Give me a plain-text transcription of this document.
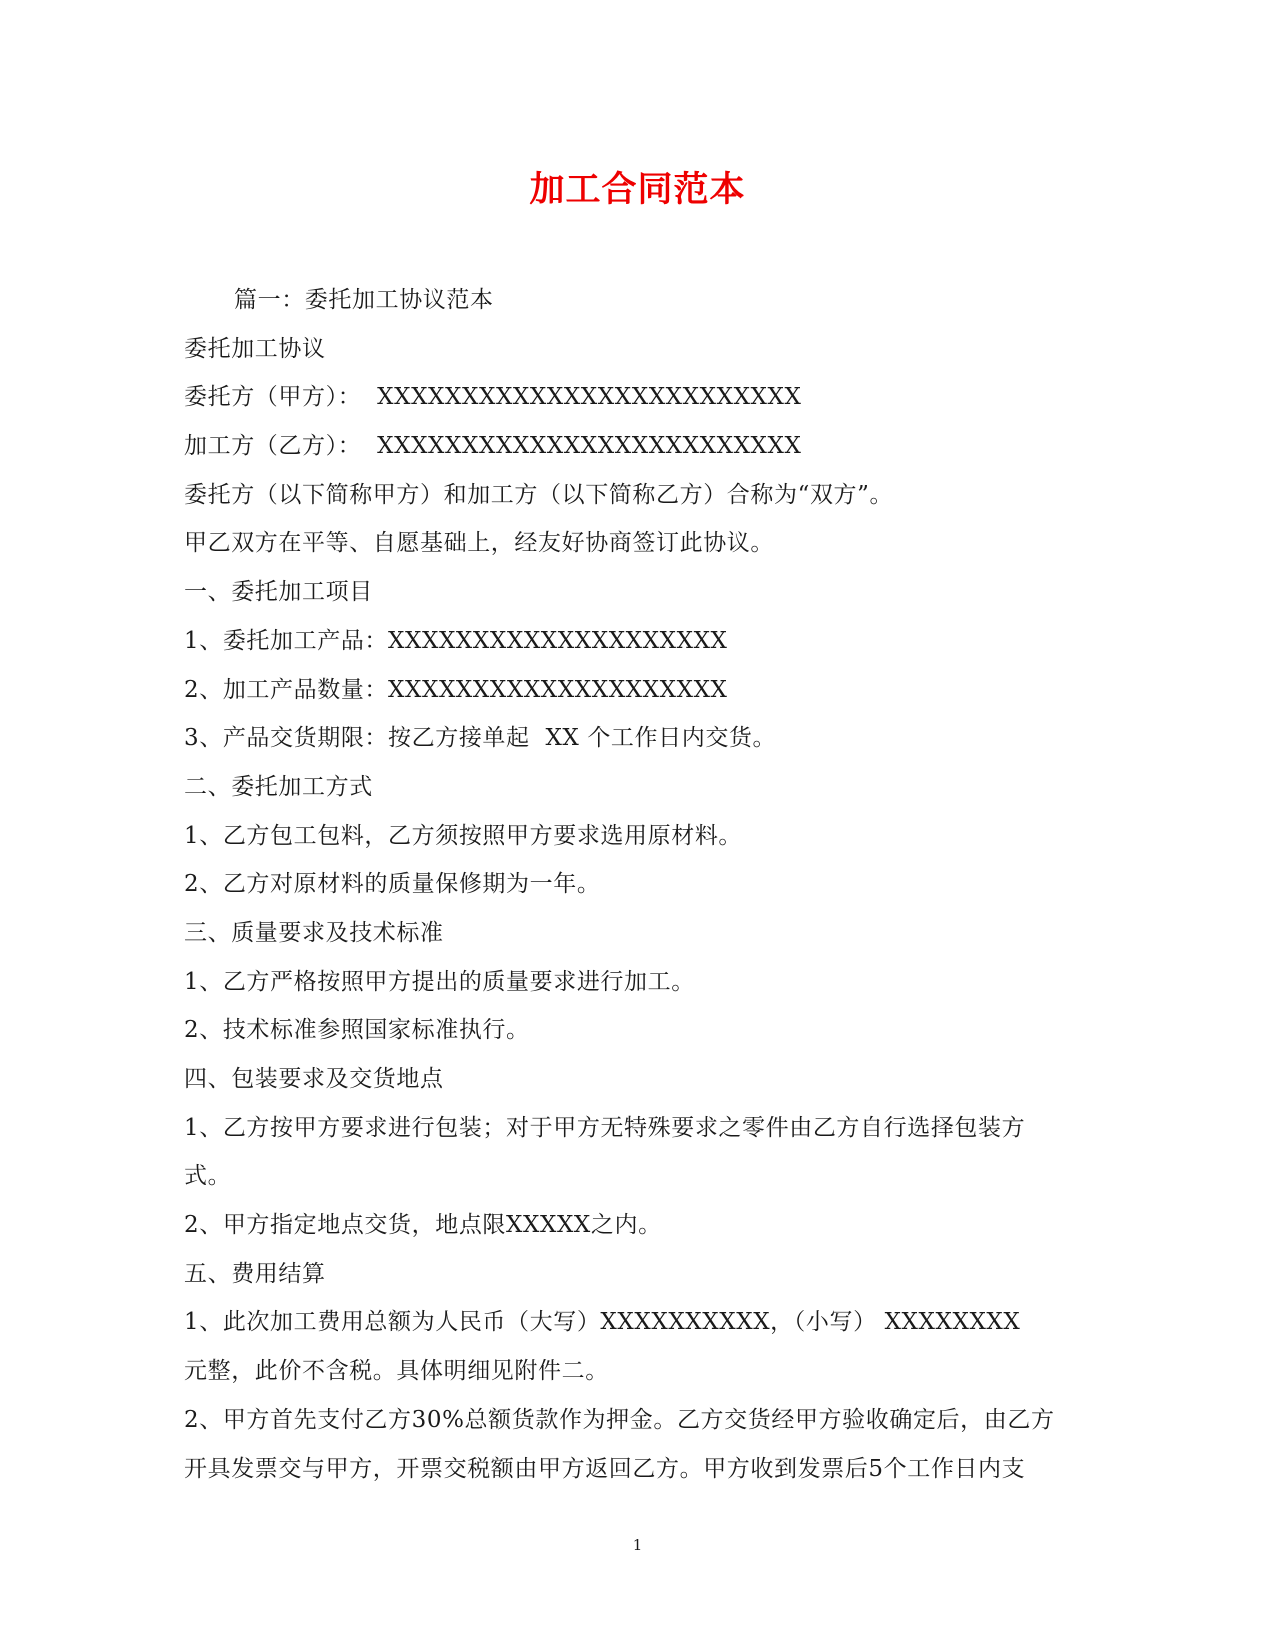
加工合同范本
篇一：委托加工协议范本
委托加工协议
委托方（甲方）：  XXXXXXXXXXXXXXXXXXXXXXXXX
加工方（乙方）：  XXXXXXXXXXXXXXXXXXXXXXXXX
委托方（以下简称甲方）和加工方（以下简称乙方）合称为“双方”。
甲乙双方在平等、自愿基础上，经友好协商签订此协议。
一、委托加工项目
1、委托加工产品：XXXXXXXXXXXXXXXXXXXX
2、加工产品数量：XXXXXXXXXXXXXXXXXXXX
3、产品交货期限：按乙方接单起  XX 个工作日内交货。
二、委托加工方式
1、乙方包工包料，乙方须按照甲方要求选用原材料。
2、乙方对原材料的质量保修期为一年。
三、质量要求及技术标准
1、乙方严格按照甲方提出的质量要求进行加工。
2、技术标准参照国家标准执行。
四、包装要求及交货地点
1、乙方按甲方要求进行包装；对于甲方无特殊要求之零件由乙方自行选择包装方
式。
2、甲方指定地点交货，地点限XXXXX之内。
五、费用结算
1、此次加工费用总额为人民币（大写）XXXXXXXXXX，（小写） XXXXXXXX
元整，此价不含税。具体明细见附件二。
2、甲方首先支付乙方30%总额货款作为押金。乙方交货经甲方验收确定后，由乙方
开具发票交与甲方，开票交税额由甲方返回乙方。甲方收到发票后5个工作日内支
1
